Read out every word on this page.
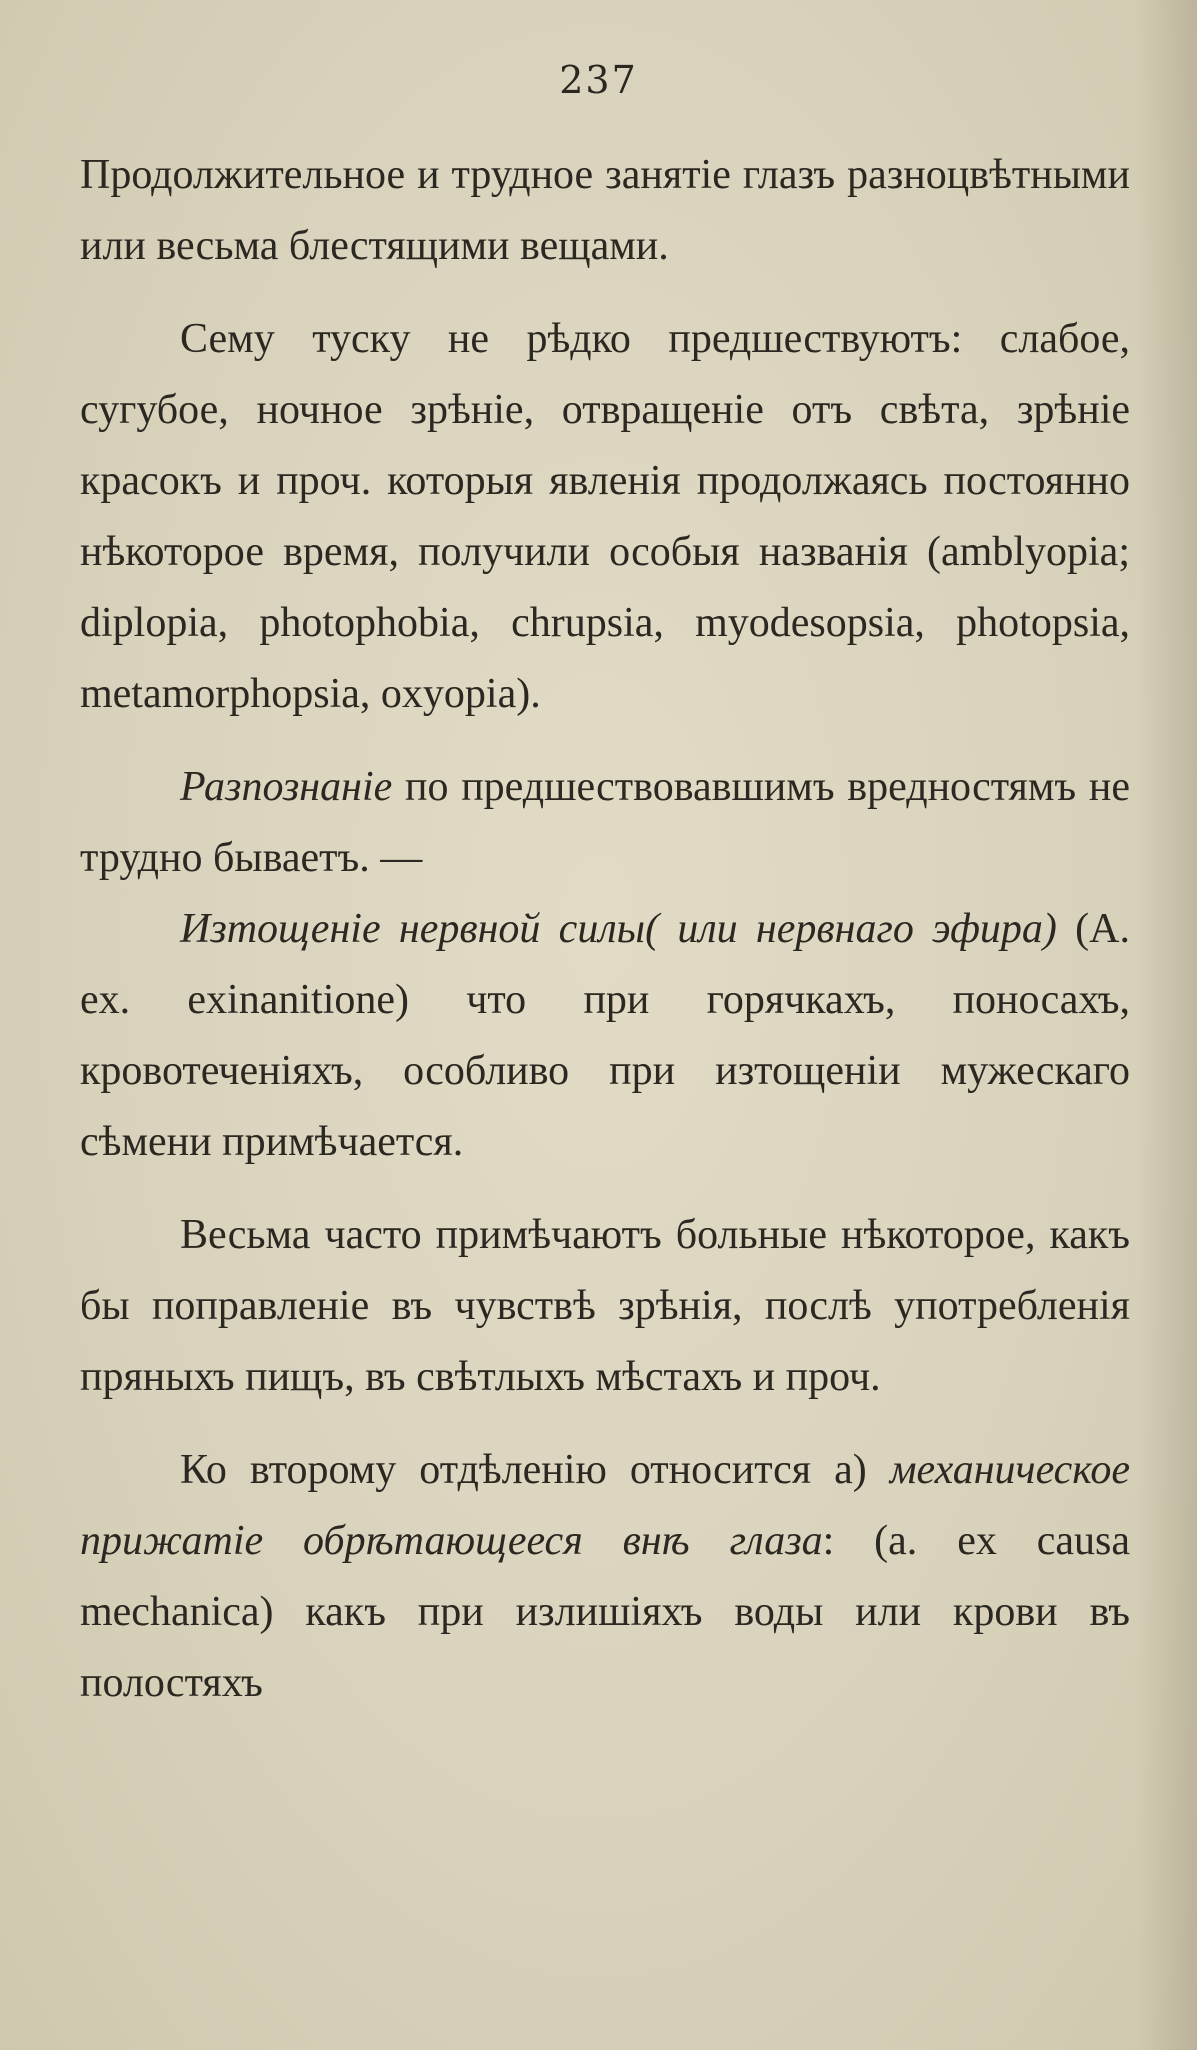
237

Продолжительное и трудное занятіе глазъ разноцвѣтными или весьма блестящими вещами.

Сему туску не рѣдко предшествуютъ: слабое, сугубое, ночное зрѣніе, отвращеніе отъ свѣта, зрѣніе красокъ и проч. которыя явленія продолжаясь постоянно нѣкоторое время, получили особыя названія (amblyopia; diplopia, photophobia, chrupsia, myodesopsia, photopsia, metamorphopsia, oxyopia).

Разпознаніе по предшествовавшимъ вредностямъ не трудно бываетъ. —

Изтощеніе нервной силы( или нервнаго эфира) (А. ex. exinanitione) что при горячкахъ, поносахъ, кровотеченіяхъ, особливо при изтощеніи мужескаго сѣмени примѣчается.

Весьма часто примѣчаютъ больные нѣкоторое, какъ бы поправленіе въ чувствѣ зрѣнія, послѣ употребленія пряныхъ пищъ, въ свѣтлыхъ мѣстахъ и проч.

Ко второму отдѣленію относится а) механическое прижатіе обрѣтающееся внѣ глаза: (а. ex causa mechanica) какъ при излишіяхъ воды или крови въ полостяхъ
